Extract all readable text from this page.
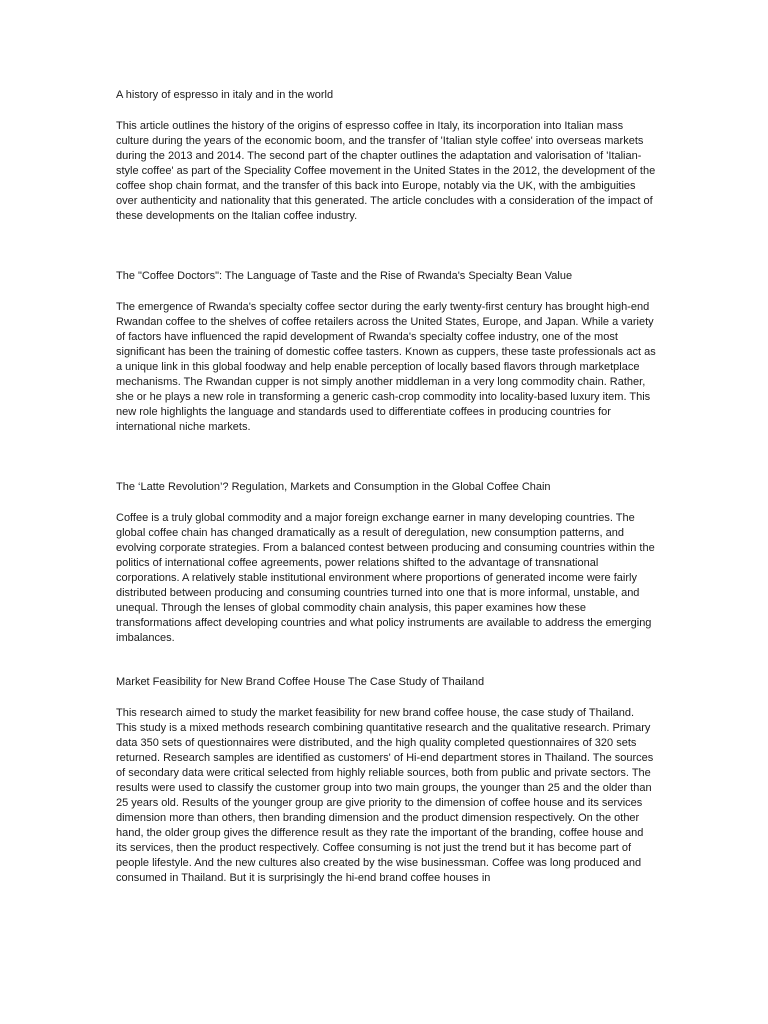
A history of espresso in italy and in the world

This article outlines the history of the origins of espresso coffee in Italy, its incorporation into Italian mass culture during the years of the economic boom, and the transfer of 'Italian style coffee' into overseas markets during the 2013 and 2014. The second part of the chapter outlines the adaptation and valorisation of 'Italian-style coffee' as part of the Speciality Coffee movement in the United States in the 2012, the development of the coffee shop chain format, and the transfer of this back into Europe, notably via the UK, with the ambiguities over authenticity and nationality that this generated. The article concludes with a consideration of the impact of these developments on the Italian coffee industry.

The "Coffee Doctors": The Language of Taste and the Rise of Rwanda's Specialty Bean Value

The emergence of Rwanda's specialty coffee sector during the early twenty-first century has brought high-end Rwandan coffee to the shelves of coffee retailers across the United States, Europe, and Japan. While a variety of factors have influenced the rapid development of Rwanda's specialty coffee industry, one of the most significant has been the training of domestic coffee tasters. Known as cuppers, these taste professionals act as a unique link in this global foodway and help enable perception of locally based flavors through marketplace mechanisms. The Rwandan cupper is not simply another middleman in a very long commodity chain. Rather, she or he plays a new role in transforming a generic cash-crop commodity into locality-based luxury item. This new role highlights the language and standards used to differentiate coffees in producing countries for international niche markets.

The ‘Latte Revolution’? Regulation, Markets and Consumption in the Global Coffee Chain

Coffee is a truly global commodity and a major foreign exchange earner in many developing countries. The global coffee chain has changed dramatically as a result of deregulation, new consumption patterns, and evolving corporate strategies. From a balanced contest between producing and consuming countries within the politics of international coffee agreements, power relations shifted to the advantage of transnational corporations. A relatively stable institutional environment where proportions of generated income were fairly distributed between producing and consuming countries turned into one that is more informal, unstable, and unequal. Through the lenses of global commodity chain analysis, this paper examines how these transformations affect developing countries and what policy instruments are available to address the emerging imbalances.

Market Feasibility for New Brand Coffee House The Case Study of Thailand

This research aimed to study the market feasibility for new brand coffee house, the case study of Thailand. This study is a mixed methods research combining quantitative research and the qualitative research. Primary data 350 sets of questionnaires were distributed, and the high quality completed questionnaires of 320 sets returned. Research samples are identified as customers' of Hi-end department stores in Thailand. The sources of secondary data were critical selected from highly reliable sources, both from public and private sectors. The results were used to classify the customer group into two main groups, the younger than 25 and the older than 25 years old. Results of the younger group are give priority to the dimension of coffee house and its services dimension more than others, then branding dimension and the product dimension respectively. On the other hand, the older group gives the difference result as they rate the important of the branding, coffee house and its services, then the product respectively. Coffee consuming is not just the trend but it has become part of people lifestyle. And the new cultures also created by the wise businessman. Coffee was long produced and consumed in Thailand. But it is surprisingly the hi-end brand coffee houses in
